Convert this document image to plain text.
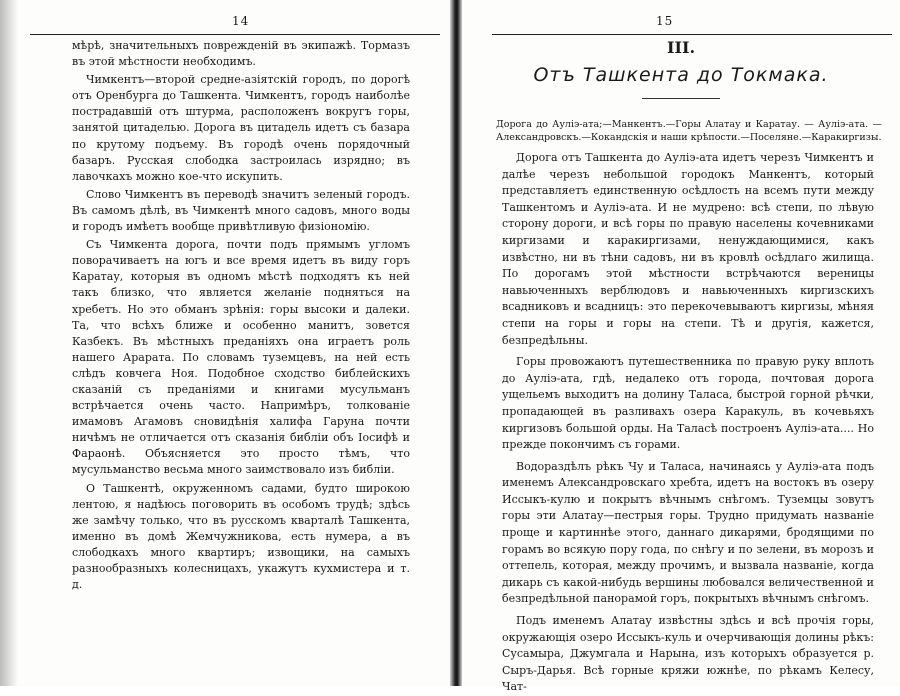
14

мѣрѣ, значительныхъ поврежденій въ экипажѣ. Тормазъ въ этой мѣстности необходимъ.

Чимкентъ—второй средне-азіятскій городъ, по дорогѣ отъ Оренбурга до Ташкента. Чимкентъ, городъ наиболѣе пострадавшій отъ штурма, расположенъ вокругъ горы, занятой цитаделью. Дорога въ цитадель идетъ съ базара по крутому подъему. Въ городѣ очень порядочный базаръ. Русская слободка застроилась изрядно; въ лавочкахъ можно кое-что искупить.

Слово Чимкентъ въ переводѣ значитъ зеленый городъ. Въ самомъ дѣлѣ, въ Чимкентѣ много садовъ, много воды и городъ имѣетъ вообще привѣтливую физіономію.

Съ Чимкента дорога, почти подъ прямымъ угломъ поворачиваетъ на югъ и все время идетъ въ виду горъ Каратау, которыя въ одномъ мѣстѣ подходятъ къ ней такъ близко, что является желаніе подняться на хребетъ. Но это обманъ зрѣнія: горы высоки и далеки. Та, что всѣхъ ближе и особенно манитъ, зовется Казбекъ. Въ мѣстныхъ преданіяхъ она играетъ роль нашего Арарата. По словамъ туземцевъ, на ней есть слѣдъ ковчега Ноя. Подобное сходство библейскихъ сказаній съ преданіями и книгами мусульманъ встрѣчается очень часто. Напримѣръ, толкованіе имамовъ Агамовъ сновидѣнія халифа Гаруна почти ничѣмъ не отличается отъ сказанія библіи объ Іосифѣ и Фараонѣ. Объясняется это просто тѣмъ, что мусульманство весьма много заимствовало изъ библіи.

О Ташкентѣ, окруженномъ садами, будто широкою лентою, я надѣюсь поговорить въ особомъ трудѣ; здѣсь же замѣчу только, что въ русскомъ кварталѣ Ташкента, именно въ домѣ Жемчужникова, есть нумера, а въ слободкахъ много квартиръ; извощики, на самыхъ разнообразныхъ колесницахъ, укажутъ кухмистера и т. д.

15
III.
Отъ Ташкента до Токмака.
Дорога до Ауліэ-ата;—Манкентъ.—Горы Алатау и Каратау. — Ауліэ-ата. — Александровскъ.—Кокандскія и наши крѣпости.—Поселяне.—Каракиргизы.

Дорога отъ Ташкента до Ауліэ-ата идетъ черезъ Чимкентъ и далѣе черезъ небольшой городокъ Манкентъ, который представляетъ единственную осѣдлость на всемъ пути между Ташкентомъ и Ауліэ-ата. И не мудрено: всѣ степи, по лѣвую сторону дороги, и всѣ горы по правую населены кочевниками киргизами и каракиргизами, ненуждающимися, какъ извѣстно, ни въ тѣни садовъ, ни въ кровлѣ осѣдлаго жилища. По дорогамъ этой мѣстности встрѣчаются вереницы навьюченныхъ верблюдовъ и навьюченныхъ киргизскихъ всадниковъ и всадницъ: это перекочевываютъ киргизы, мѣняя степи на горы и горы на степи. Тѣ и другія, кажется, безпредѣльны.

Горы провожаютъ путешественника по правую руку вплоть до Ауліэ-ата, гдѣ, недалеко отъ города, почтовая дорога ущельемъ выходитъ на долину Таласа, быстрой горной рѣчки, пропадающей въ разливахъ озера Каракуль, въ кочевьяхъ киргизовъ большой орды. На Таласѣ построенъ Ауліэ-ата.... Но прежде покончимъ съ горами.

Водораздѣлъ рѣкъ Чу и Таласа, начинаясь у Ауліэ-ата подъ именемъ Александровскаго хребта, идетъ на востокъ въ озеру Иссыкъ-кулю и покрытъ вѣчнымъ снѣгомъ. Туземцы зовутъ горы эти Алатау—пестрыя горы. Трудно придумать названіе проще и картиннѣе этого, даннаго дикарями, бродящими по горамъ во всякую пору года, по снѣгу и по зелени, въ морозъ и оттепель, которая, между прочимъ, и вызвала названіе, когда дикарь съ какой-нибудь вершины любовался величественной и безпредѣльной панорамой горъ, покрытыхъ вѣчнымъ снѣгомъ.

Подъ именемъ Алатау извѣстны здѣсь и всѣ прочія горы, окружающія озеро Иссыкъ-куль и очерчивающія долины рѣкъ: Сусамыра, Джумгала и Нарына, изъ которыхъ образуется р. Сыръ-Дарья. Всѣ горные кряжи южнѣе, по рѣкамъ Келесу, Чат-
